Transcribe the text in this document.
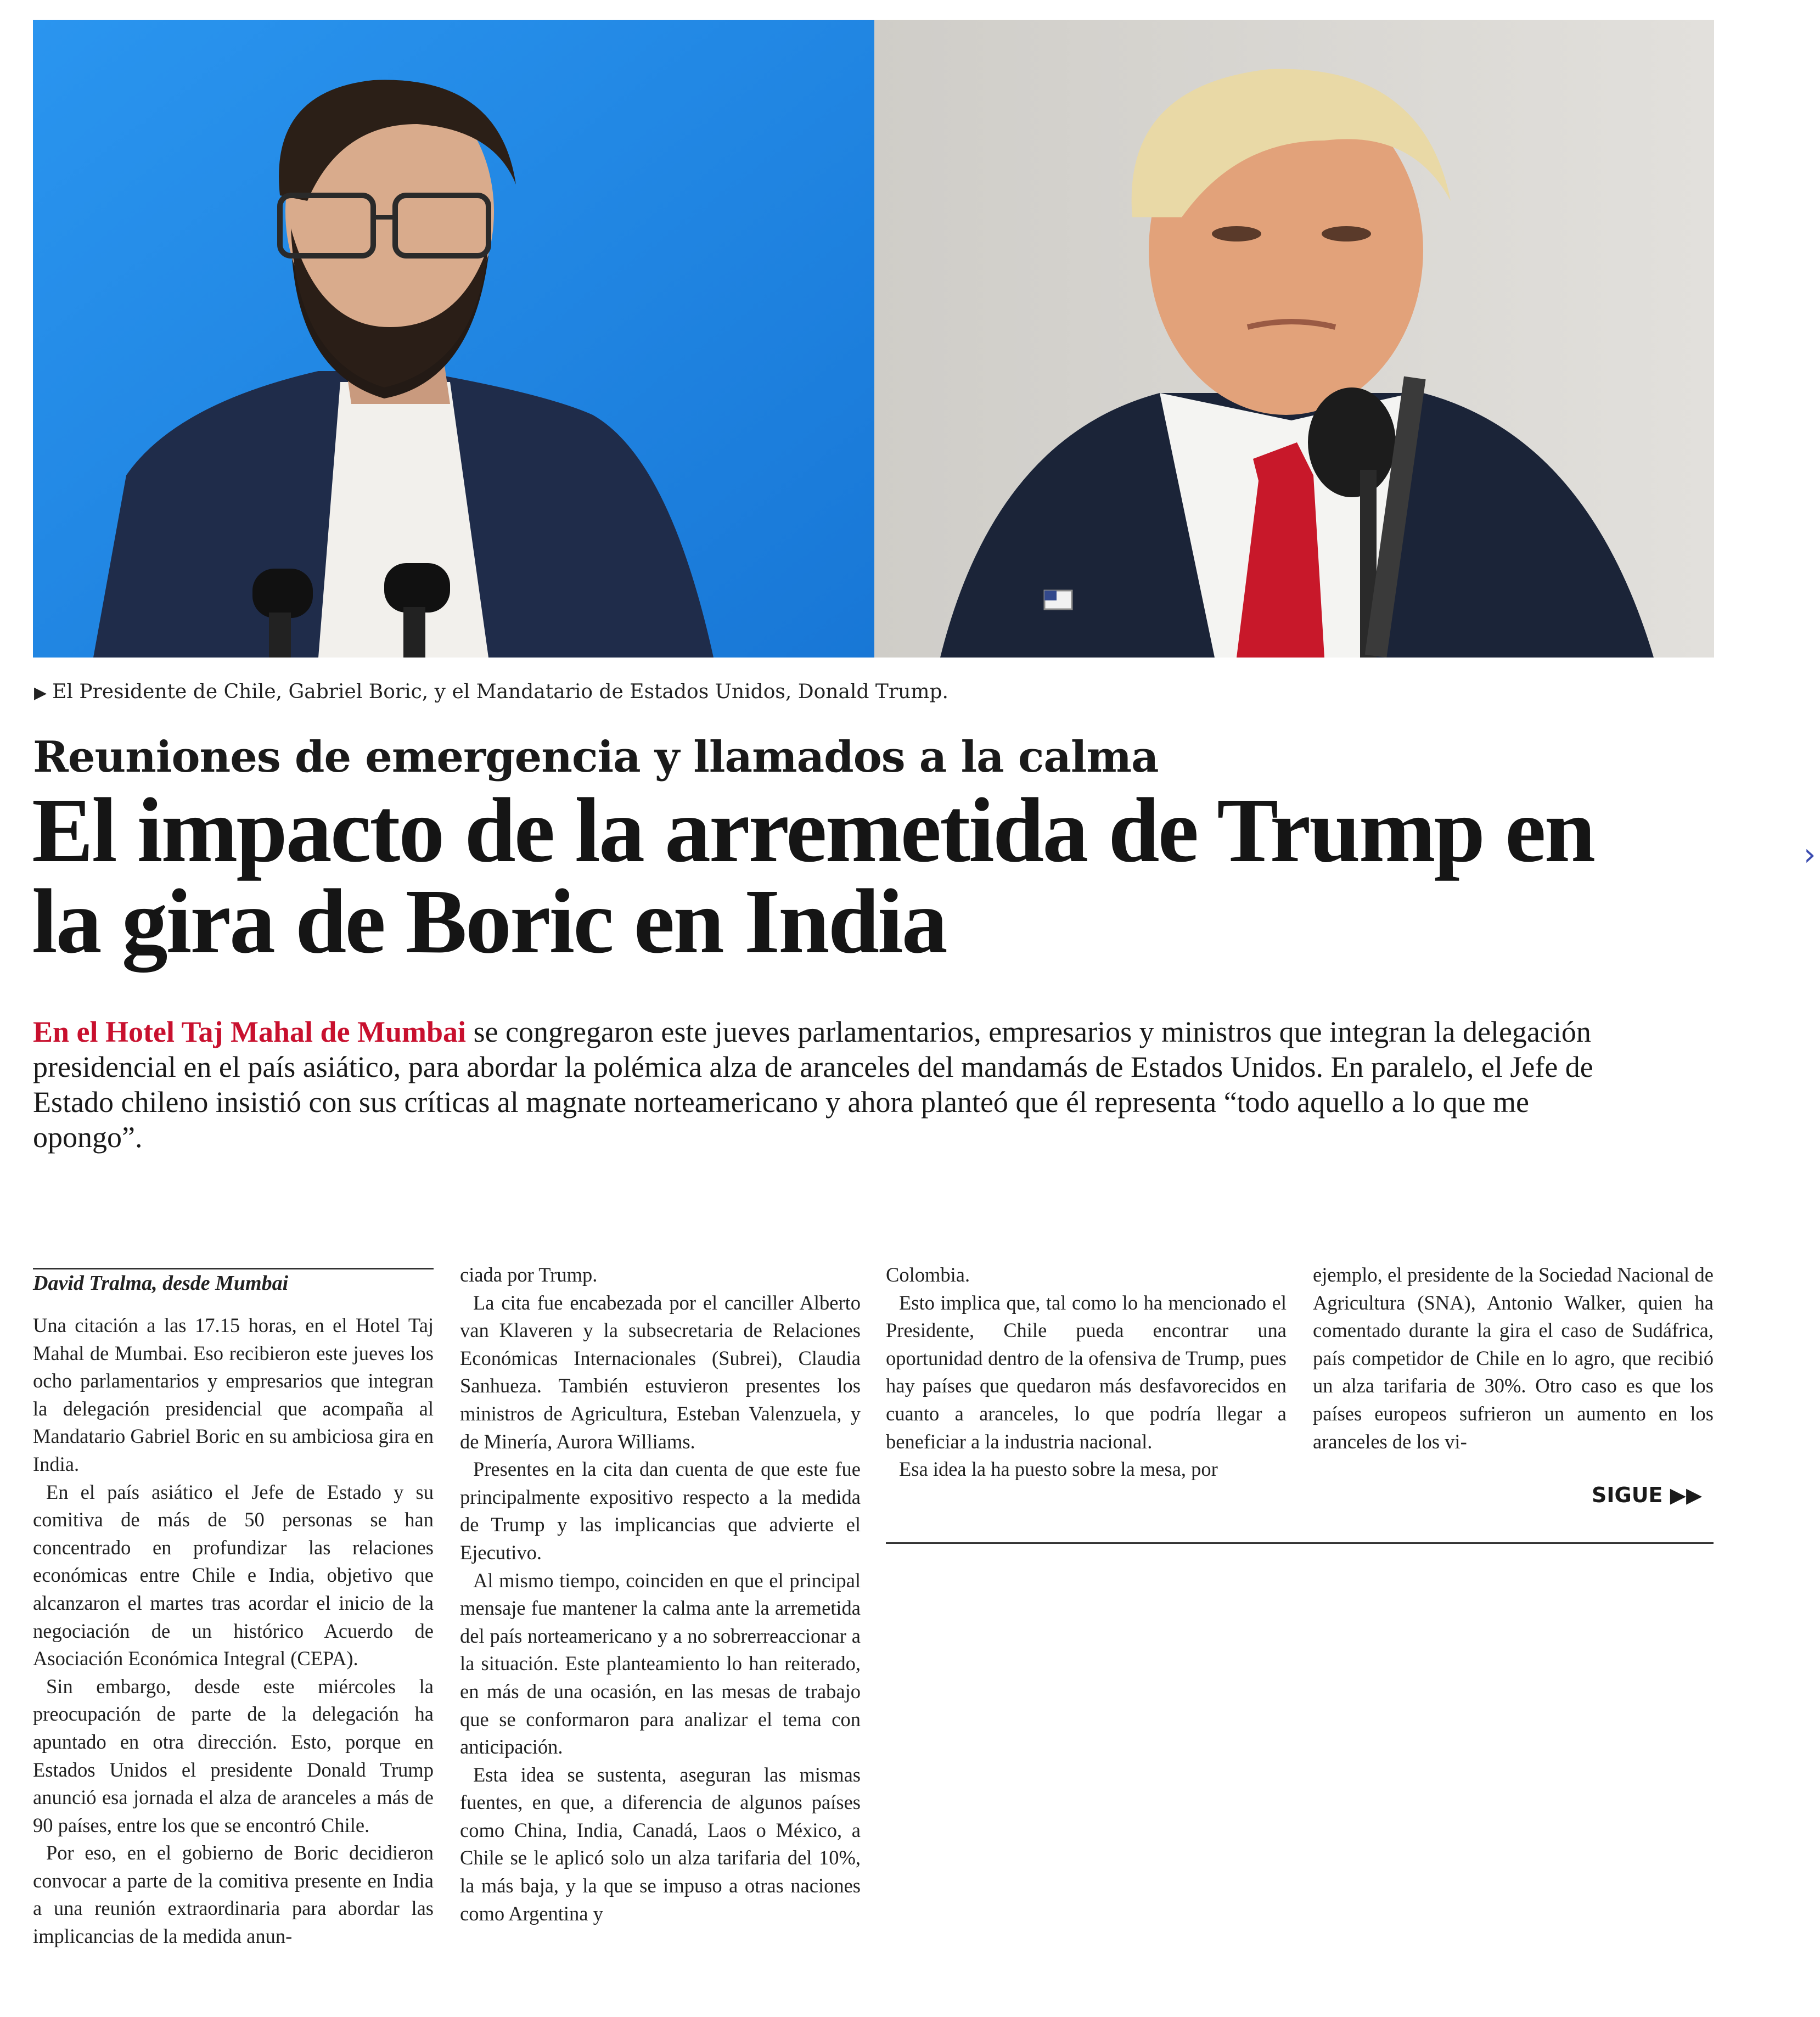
▶ El Presidente de Chile, Gabriel Boric, y el Mandatario de Estados Unidos, Donald Trump.
Reuniones de emergencia y llamados a la calma
El impacto de la arremetida de Trump en la gira de Boric en India

En el Hotel Taj Mahal de Mumbai se congregaron este jueves parlamentarios, empresarios y ministros que integran la delegación presidencial en el país asiático, para abordar la polémica alza de aranceles del mandamás de Estados Unidos. En paralelo, el Jefe de Estado chileno insistió con sus críticas al magnate norteamericano y ahora planteó que él representa “todo aquello a lo que me opongo”.

›
David Tralma, desde Mumbai

Una citación a las 17.15 horas, en el Hotel Taj Mahal de Mumbai. Eso recibieron este jueves los ocho parlamentarios y empresarios que integran la delegación presidencial que acompaña al Mandatario Gabriel Boric en su ambiciosa gira en India.

En el país asiático el Jefe de Estado y su comitiva de más de 50 personas se han concentrado en profundizar las relaciones económicas entre Chile e India, objetivo que alcanzaron el martes tras acordar el inicio de la negociación de un histórico Acuerdo de Asociación Económica Integral (CEPA).

Sin embargo, desde este miércoles la preocupación de parte de la delegación ha apuntado en otra dirección. Esto, porque en Estados Unidos el presidente Donald Trump anunció esa jornada el alza de aranceles a más de 90 países, entre los que se encontró Chile.

Por eso, en el gobierno de Boric decidieron convocar a parte de la comitiva presente en India a una reunión extraordinaria para abordar las implicancias de la medida anun-

ciada por Trump.

La cita fue encabezada por el canciller Alberto van Klaveren y la subsecretaria de Relaciones Económicas Internacionales (Subrei), Claudia Sanhueza. También estuvieron presentes los ministros de Agricultura, Esteban Valenzuela, y de Minería, Aurora Williams.

Presentes en la cita dan cuenta de que este fue principalmente expositivo respecto a la medida de Trump y las implicancias que advierte el Ejecutivo.

Al mismo tiempo, coinciden en que el principal mensaje fue mantener la calma ante la arremetida del país norteamericano y a no sobrerreaccionar a la situación. Este planteamiento lo han reiterado, en más de una ocasión, en las mesas de trabajo que se conformaron para analizar el tema con anticipación.

Esta idea se sustenta, aseguran las mismas fuentes, en que, a diferencia de algunos países como China, India, Canadá, Laos o México, a Chile se le aplicó solo un alza tarifaria del 10%, la más baja, y la que se impuso a otras naciones como Argentina y

Colombia.

Esto implica que, tal como lo ha mencionado el Presidente, Chile pueda encontrar una oportunidad dentro de la ofensiva de Trump, pues hay países que quedaron más desfavorecidos en cuanto a aranceles, lo que podría llegar a beneficiar a la industria nacional.

Esa idea la ha puesto sobre la mesa, por

ejemplo, el presidente de la Sociedad Nacional de Agricultura (SNA), Antonio Walker, quien ha comentado durante la gira el caso de Sudáfrica, país competidor de Chile en lo agro, que recibió un alza tarifaria de 30%. Otro caso es que los países europeos sufrieron un aumento en los aranceles de los vi-

SIGUE ▶▶
